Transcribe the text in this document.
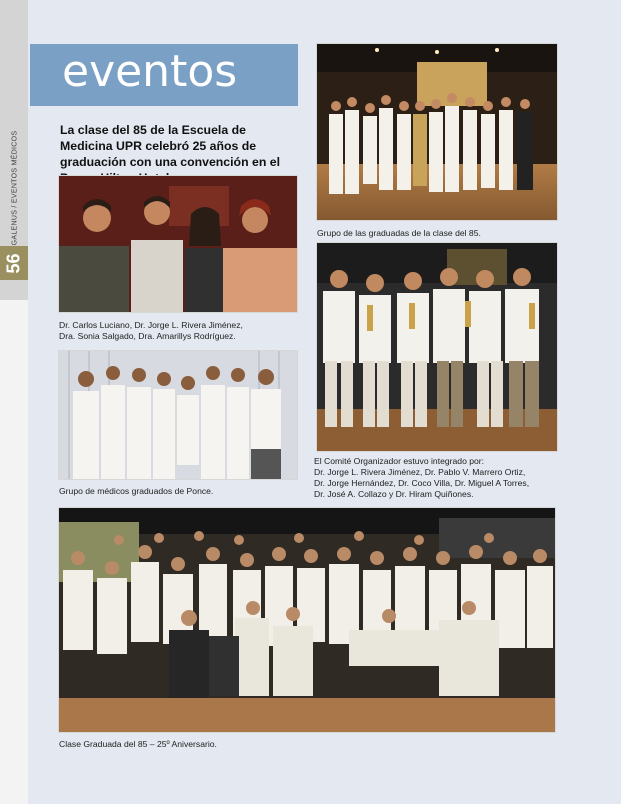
GALENUS / EVENTOS MÉDICOS
56
eventos
La clase del 85 de la Escuela de Medicina UPR celebró 25 años de graduación con una convención en el
Grupo de las graduadas de la clase del 85.
Dr. Carlos Luciano, Dr. Jorge L. Rivera Jiménez,
Dra. Sonia Salgado, Dra. Amarillys Rodríguez.
El Comité Organizador estuvo integrado por:
Dr. Jorge L. Rivera Jiménez, Dr. Pablo V. Marrero Ortiz,
Dr. Jorge Hernández, Dr. Coco Villa, Dr. Miguel A Torres,
Dr. José A. Collazo y Dr. Hiram Quiñones.
Grupo de médicos graduados de Ponce.
Clase Graduada del 85 – 25º Aniversario.
